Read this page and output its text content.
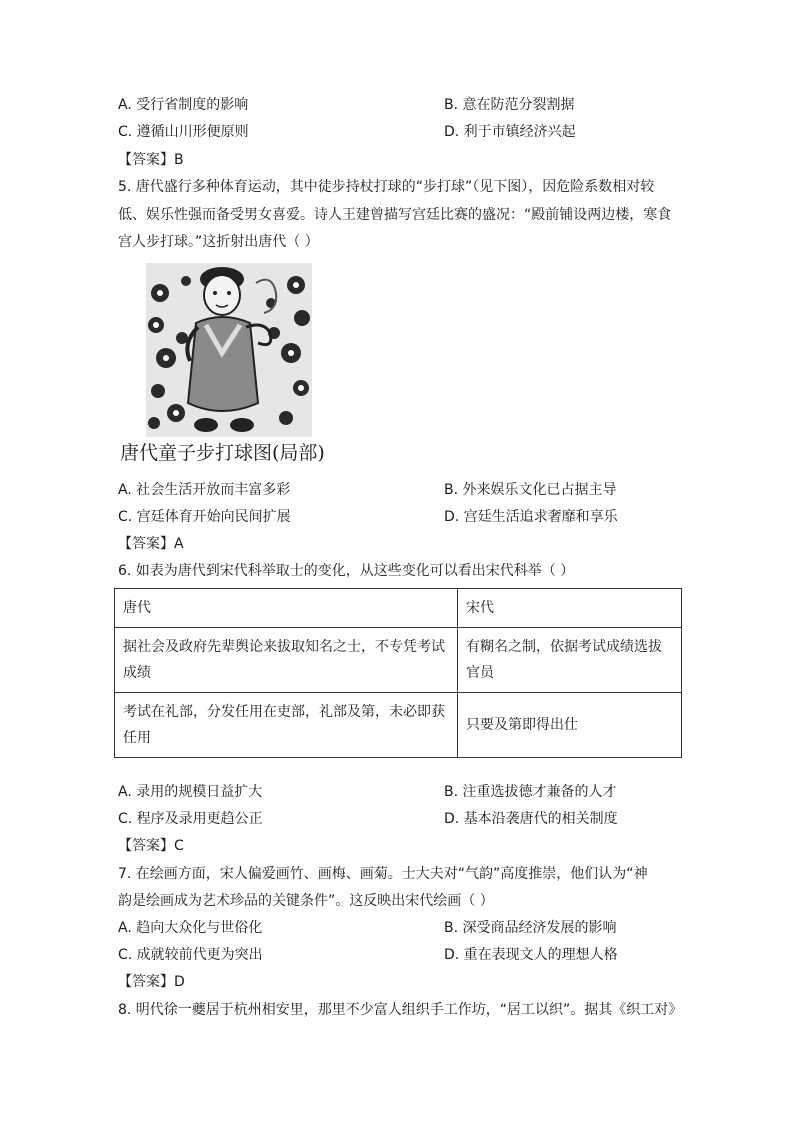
A. 受行省制度的影响	B. 意在防范分裂割据
C. 遵循山川形便原则	D. 利于市镇经济兴起
【答案】B
5. 唐代盛行多种体育运动，其中徒步持杖打球的“步打球”（见下图），因危险系数相对较
低、娱乐性强而备受男女喜爱。诗人王建曾描写宫廷比赛的盛况：“殿前铺设两边楼，寒食
宫人步打球。”这折射出唐代（ ）
唐代童子步打球图(局部)
A. 社会生活开放而丰富多彩	B. 外来娱乐文化已占据主导
C. 宫廷体育开始向民间扩展	D. 宫廷生活追求奢靡和享乐
【答案】A
6. 如表为唐代到宋代科举取士的变化，从这些变化可以看出宋代科举（ ）
唐代	宋代
据社会及政府先辈舆论来拔取知名之士，不专凭考试成绩	有糊名之制，依据考试成绩选拔官员
考试在礼部，分发任用在吏部，礼部及第，未必即获任用	只要及第即得出仕
A. 录用的规模日益扩大	B. 注重选拔德才兼备的人才
C. 程序及录用更趋公正	D. 基本沿袭唐代的相关制度
【答案】C
7. 在绘画方面，宋人偏爱画竹、画梅、画菊。士大夫对“气韵”高度推崇，他们认为“神
韵是绘画成为艺术珍品的关键条件”。这反映出宋代绘画（ ）
A. 趋向大众化与世俗化	B. 深受商品经济发展的影响
C. 成就较前代更为突出	D. 重在表现文人的理想人格
【答案】D
8. 明代徐一夔居于杭州相安里，那里不少富人组织手工作坊，“居工以织”。据其《织工对》
